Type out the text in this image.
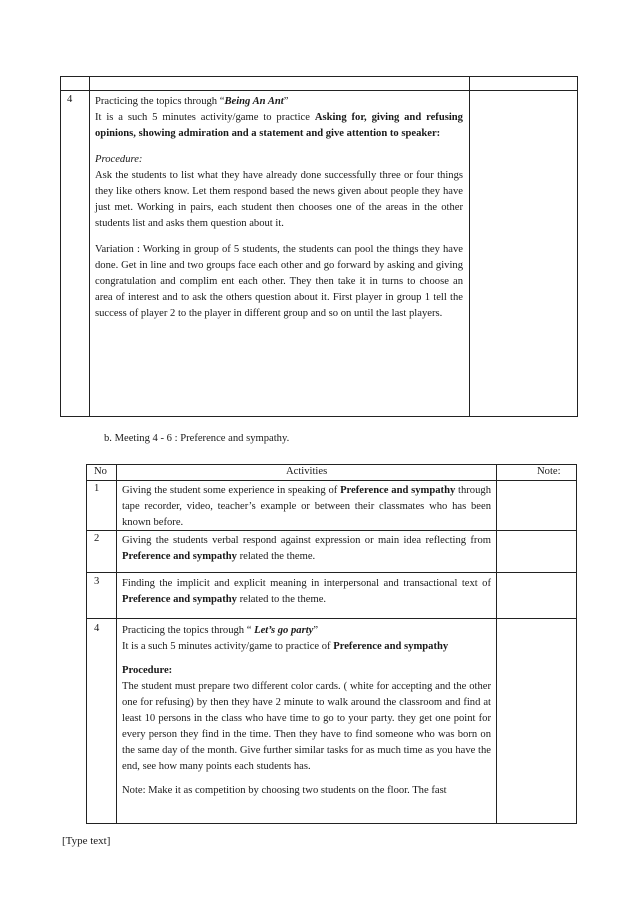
4 Practicing the topics through “Being An Ant”

It is a such 5 minutes activity/game to practice Asking for, giving and refusing opinions, showing admiration and a statement and give attention to speaker:

Procedure:

Ask the students to list what they have already done successfully three or four things they like others know. Let them respond based the news given about people they have just met. Working in pairs, each student then chooses one of the areas in the other students list and asks them question about it.

Variation : Working in group of 5 students, the students can pool the things they have done. Get in line and two groups face each other and go forward by asking and giving congratulation and complim ent each other. They then take it in turns to choose an area of interest and to ask the others question about it. First player in group 1 tell the success of player 2 to the player in different group and so on until the last players.

b. Meeting 4 - 6 : Preference and sympathy.
No	Activities	Note:
1 Giving the student some experience in speaking of Preference and sympathy through tape recorder, video, teacher’s example or between their classmates who has been known before.

2 Giving the students verbal respond against expression or main idea reflecting from Preference and sympathy related the theme.

3 Finding the implicit and explicit meaning in interpersonal and transactional text of Preference and sympathy related to the theme.

4 Practicing the topics through “ Let’s go party”

It is a such 5 minutes activity/game to practice of Preference and sympathy

Procedure:

The student must prepare two different color cards. ( white for accepting and the other one for refusing) by then they have 2 minute to walk around the classroom and find at least 10 persons in the class who have time to go to your party. they get one point for every person they find in the time. Then they have to find someone who was born on the same day of the month. Give further similar tasks for as much time as you have the end, see how many points each students has.

Note: Make it as competition by choosing two students on the floor. The fast

[Type text]
